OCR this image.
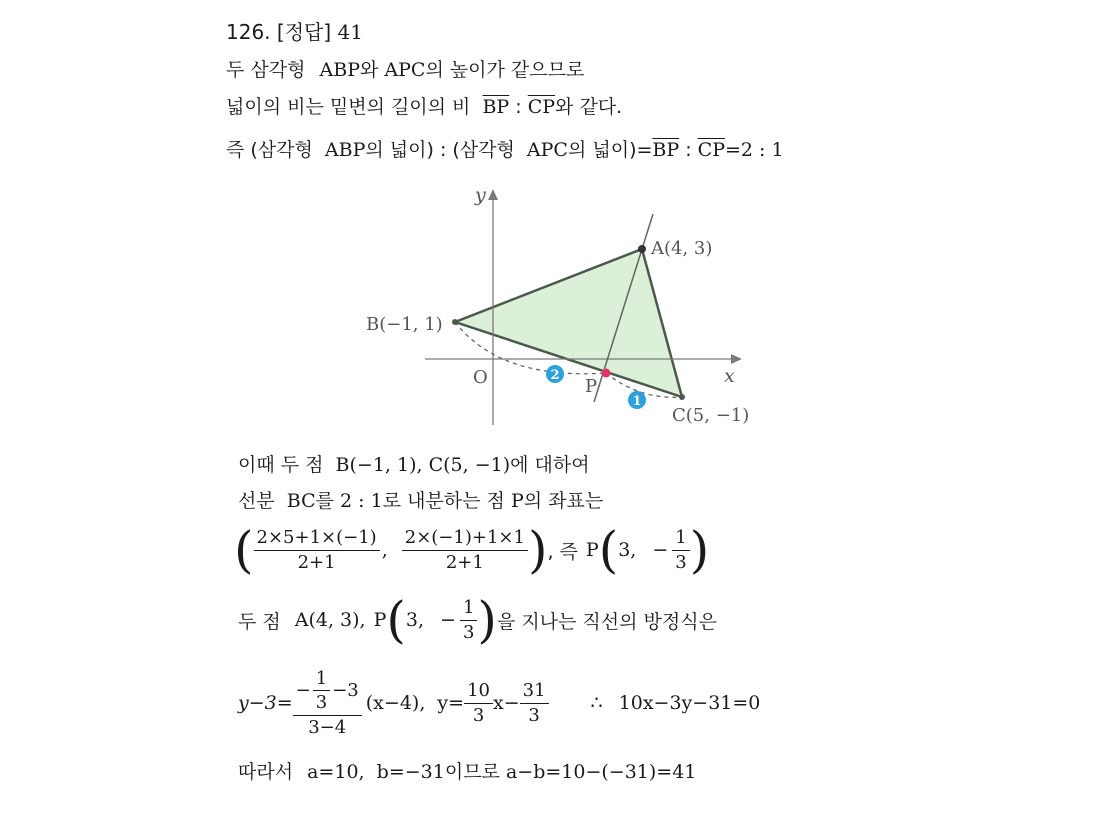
126. [정답] 41
두 삼각형 ABP와 APC의 높이가 같으므로
넓이의 비는 밑변의 길이의 비 $\overline{BP}$ : $\overline{CP}$와 같다.
즉 (삼각형 ABP의 넓이) : (삼각형 APC의 넓이)$=\overline{BP}$ : $\overline{CP}=2$ : 1
2
1
y
x
O
A(4, 3)
B(−1, 1)
C(5, −1)
P
이때 두 점 B(−1, 1), C(5, −1)에 대하여
선분 BC를 2 : 1로 내분하는 점 P의 좌표는
( $\frac{2\times 5+1\times(-1)}{2+1}$ , $\frac{2\times(-1)+1\times 1}{2+1}$ ) , 즉 P ( 3, − $\frac{1}{3}$ )
두 점 A(4, 3), P ( 3, − $\frac{1}{3}$ ) 을 지나는 직선의 방정식은
$y-3= \frac{- \frac{1}{3} -3}{3-4} (x-4)$,  $y= \frac{10}{3} x- \frac{31}{3}$ ∴ 10x−3y−31=0
따라서 a=10,  b=−31이므로 a−b=10−(−31)=41
